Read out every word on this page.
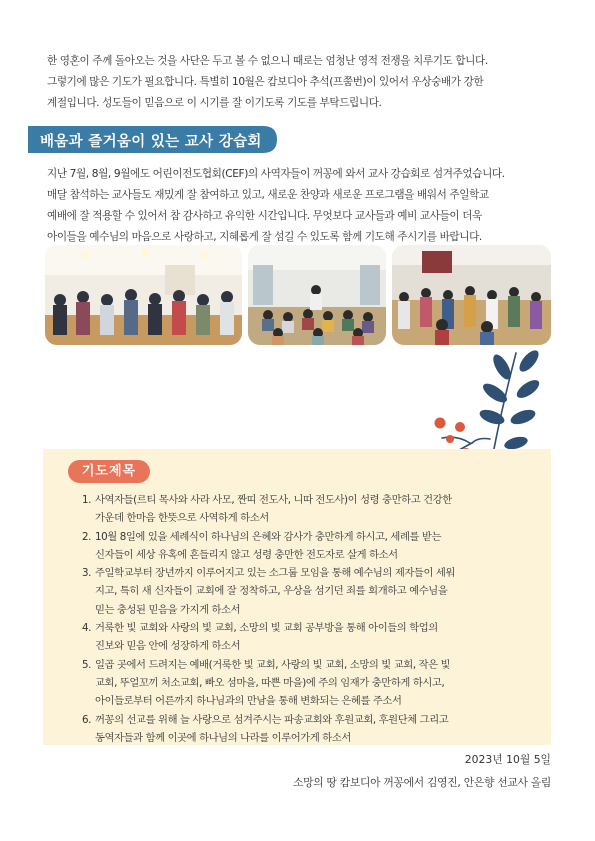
한 영혼이 주께 돌아오는 것을 사단은 두고 볼 수 없으니 때로는 엄청난 영적 전쟁을 치루기도 합니다.
그렇기에 많은 기도가 필요합니다. 특별히 10월은 캄보디아 추석(프쭘번)이 있어서 우상숭배가 강한
계절입니다. 성도들이 믿음으로 이 시기를 잘 이기도록 기도를 부탁드립니다.
배움과 즐거움이 있는 교사 강습회
지난 7월, 8월, 9월에도 어린이전도협회(CEF)의 사역자들이 꺼꽁에 와서 교사 강습회로 섬겨주었습니다.
매달 참석하는 교사들도 재밌게 잘 참여하고 있고, 새로운 찬양과 새로운 프로그램을 배워서 주일학교
예배에 잘 적용할 수 있어서 참 감사하고 유익한 시간입니다. 무엇보다 교사들과 예비 교사들이 더욱
아이들을 예수님의 마음으로 사랑하고, 지혜롭게 잘 섬길 수 있도록 함께 기도해 주시기를 바랍니다.
기도제목
1. 사역자들(르티 목사와 사라 사모, 짠띠 전도사, 니따 전도사)이 성령 충만하고 건강한
가운데 한마음 한뜻으로 사역하게 하소서
2. 10월 8일에 있을 세례식이 하나님의 은혜와 감사가 충만하게 하시고, 세례를 받는
신자들이 세상 유혹에 흔들리지 않고 성령 충만한 전도자로 살게 하소서
3. 주일학교부터 장년까지 이루어지고 있는 소그룹 모임을 통해 예수님의 제자들이 세워
지고, 특히 새 신자들이 교회에 잘 정착하고, 우상을 섬기던 죄를 회개하고 예수님을
믿는 충성된 믿음을 가지게 하소서
4. 거룩한 빛 교회와 사랑의 빛 교회, 소망의 빛 교회 공부방을 통해 아이들의 학업의
진보와 믿음 안에 성장하게 하소서
5. 일곱 곳에서 드려지는 예배(거룩한 빛 교회, 사랑의 빛 교회, 소망의 빛 교회, 작은 빛
교회, 뚜얼꼬끼 처소교회, 빠오 섬마을, 따쁜 마을)에 주의 임재가 충만하게 하시고,
아이들로부터 어른까지 하나님과의 만남을 통해 변화되는 은혜를 주소서
6. 꺼꽁의 선교를 위해 늘 사랑으로 섬겨주시는 파송교회와 후원교회, 후원단체 그리고
동역자들과 함께 이곳에 하나님의 나라를 이루어가게 하소서
2023년 10월 5일
소망의 땅 캄보디아 꺼꽁에서 김영진, 안은향 선교사 올림
